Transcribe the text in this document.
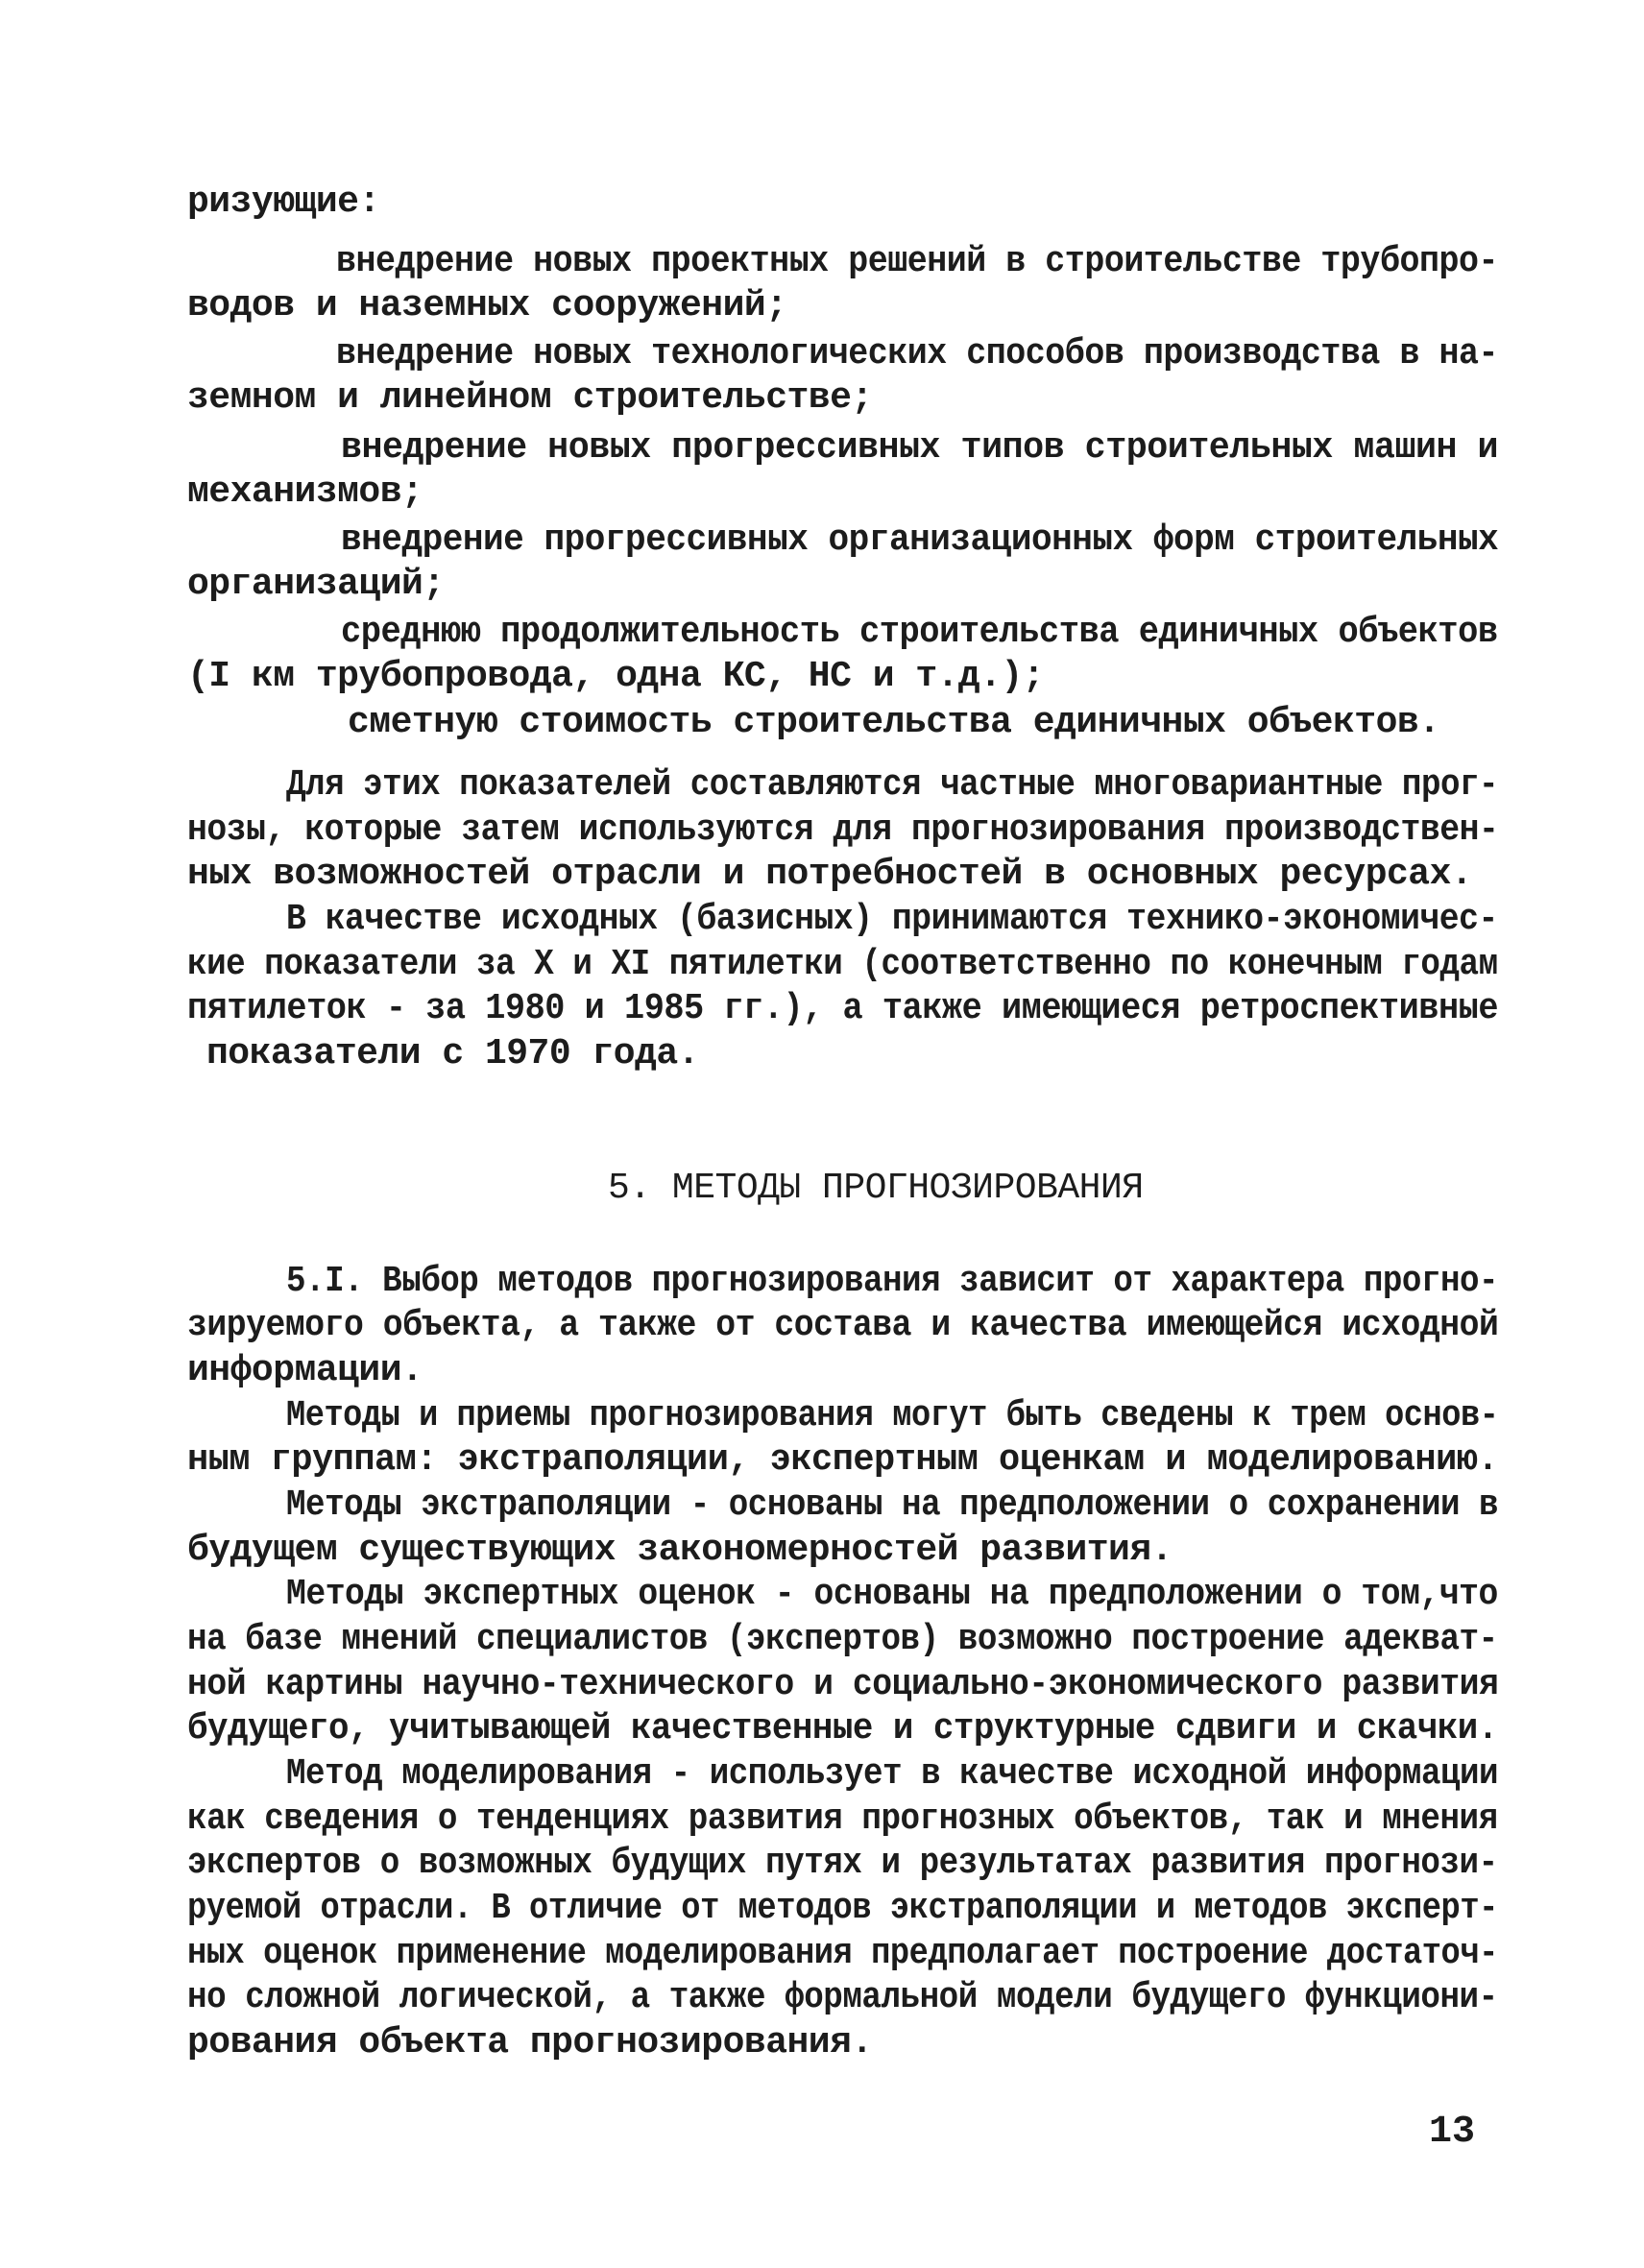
ризующие:
внедрение новых проектных решений в строительстве трубопро-
водов и наземных сооружений;
внедрение новых технологических способов производства в на-
земном и линейном строительстве;
внедрение новых прогрессивных типов строительных машин и
механизмов;
внедрение прогрессивных организационных форм строительных
организаций;
среднюю продолжительность строительства единичных объектов
(I км трубопровода, одна КС, НС и т.д.);
сметную стоимость строительства единичных объектов.
Для этих показателей составляются частные многовариантные прог-
нозы, которые затем используются для прогнозирования производствен-
ных возможностей отрасли и потребностей в основных ресурсах.
В качестве исходных (базисных) принимаются технико-экономичес-
кие показатели за X и XI пятилетки (соответственно по конечным годам
пятилеток - за 1980 и 1985 гг.), а также имеющиеся ретроспективные
показатели с 1970 года.
5. МЕТОДЫ ПРОГНОЗИРОВАНИЯ
5.I. Выбор методов прогнозирования зависит от характера прогно-
зируемого объекта, а также от состава и качества имеющейся исходной
информации.
Методы и приемы прогнозирования могут быть сведены к трем основ-
ным группам: экстраполяции, экспертным оценкам и моделированию.
Методы экстраполяции - основаны на предположении о сохранении в
будущем существующих закономерностей развития.
Методы экспертных оценок - основаны на предположении о том,что
на базе мнений специалистов (экспертов) возможно построение адекват-
ной картины научно-технического и социально-экономического развития
будущего, учитывающей качественные и структурные сдвиги и скачки.
Метод моделирования - использует в качестве исходной информации
как сведения о тенденциях развития прогнозных объектов, так и мнения
экспертов о возможных будущих путях и результатах развития прогнози-
руемой отрасли. В отличие от методов экстраполяции и методов эксперт-
ных оценок применение моделирования предполагает построение достаточ-
но сложной логической, а также формальной модели будущего функциони-
рования объекта прогнозирования.
13
